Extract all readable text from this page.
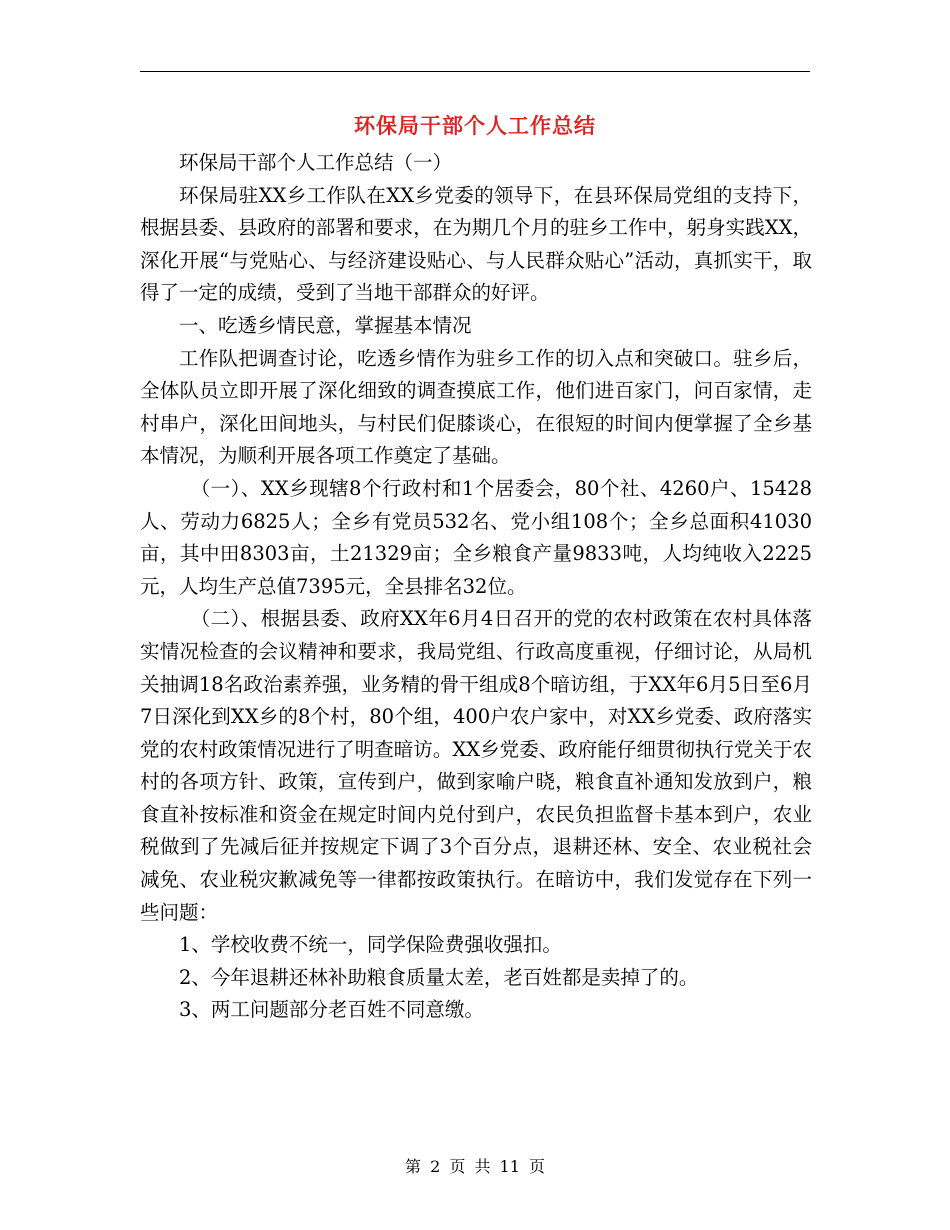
环保局干部个人工作总结

环保局干部个人工作总结（一）

环保局驻XX乡工作队在XX乡党委的领导下，在县环保局党组的支持下，根据县委、县政府的部署和要求，在为期几个月的驻乡工作中，躬身实践XX，深化开展“与党贴心、与经济建设贴心、与人民群众贴心”活动，真抓实干，取得了一定的成绩，受到了当地干部群众的好评。

一、吃透乡情民意，掌握基本情况

工作队把调查讨论，吃透乡情作为驻乡工作的切入点和突破口。驻乡后，全体队员立即开展了深化细致的调查摸底工作，他们进百家门，问百家情，走村串户，深化田间地头，与村民们促膝谈心，在很短的时间内便掌握了全乡基本情况，为顺利开展各项工作奠定了基础。

（一）、XX乡现辖8个行政村和1个居委会，80个社、4260户、15428人、劳动力6825人；全乡有党员532名、党小组108个；全乡总面积41030亩，其中田8303亩，土21329亩；全乡粮食产量9833吨，人均纯收入2225元，人均生产总值7395元，全县排名32位。

（二）、根据县委、政府XX年6月4日召开的党的农村政策在农村具体落实情况检查的会议精神和要求，我局党组、行政高度重视，仔细讨论，从局机关抽调18名政治素养强，业务精的骨干组成8个暗访组，于XX年6月5日至6月7日深化到XX乡的8个村，80个组，400户农户家中，对XX乡党委、政府落实党的农村政策情况进行了明查暗访。XX乡党委、政府能仔细贯彻执行党关于农村的各项方针、政策，宣传到户，做到家喻户晓，粮食直补通知发放到户，粮食直补按标准和资金在规定时间内兑付到户，农民负担监督卡基本到户，农业税做到了先减后征并按规定下调了3个百分点，退耕还林、安全、农业税社会减免、农业税灾歉减免等一律都按政策执行。在暗访中，我们发觉存在下列一些问题：

1、学校收费不统一，同学保险费强收强扣。

2、今年退耕还林补助粮食质量太差，老百姓都是卖掉了的。

3、两工问题部分老百姓不同意缴。

第 2 页 共 11 页
